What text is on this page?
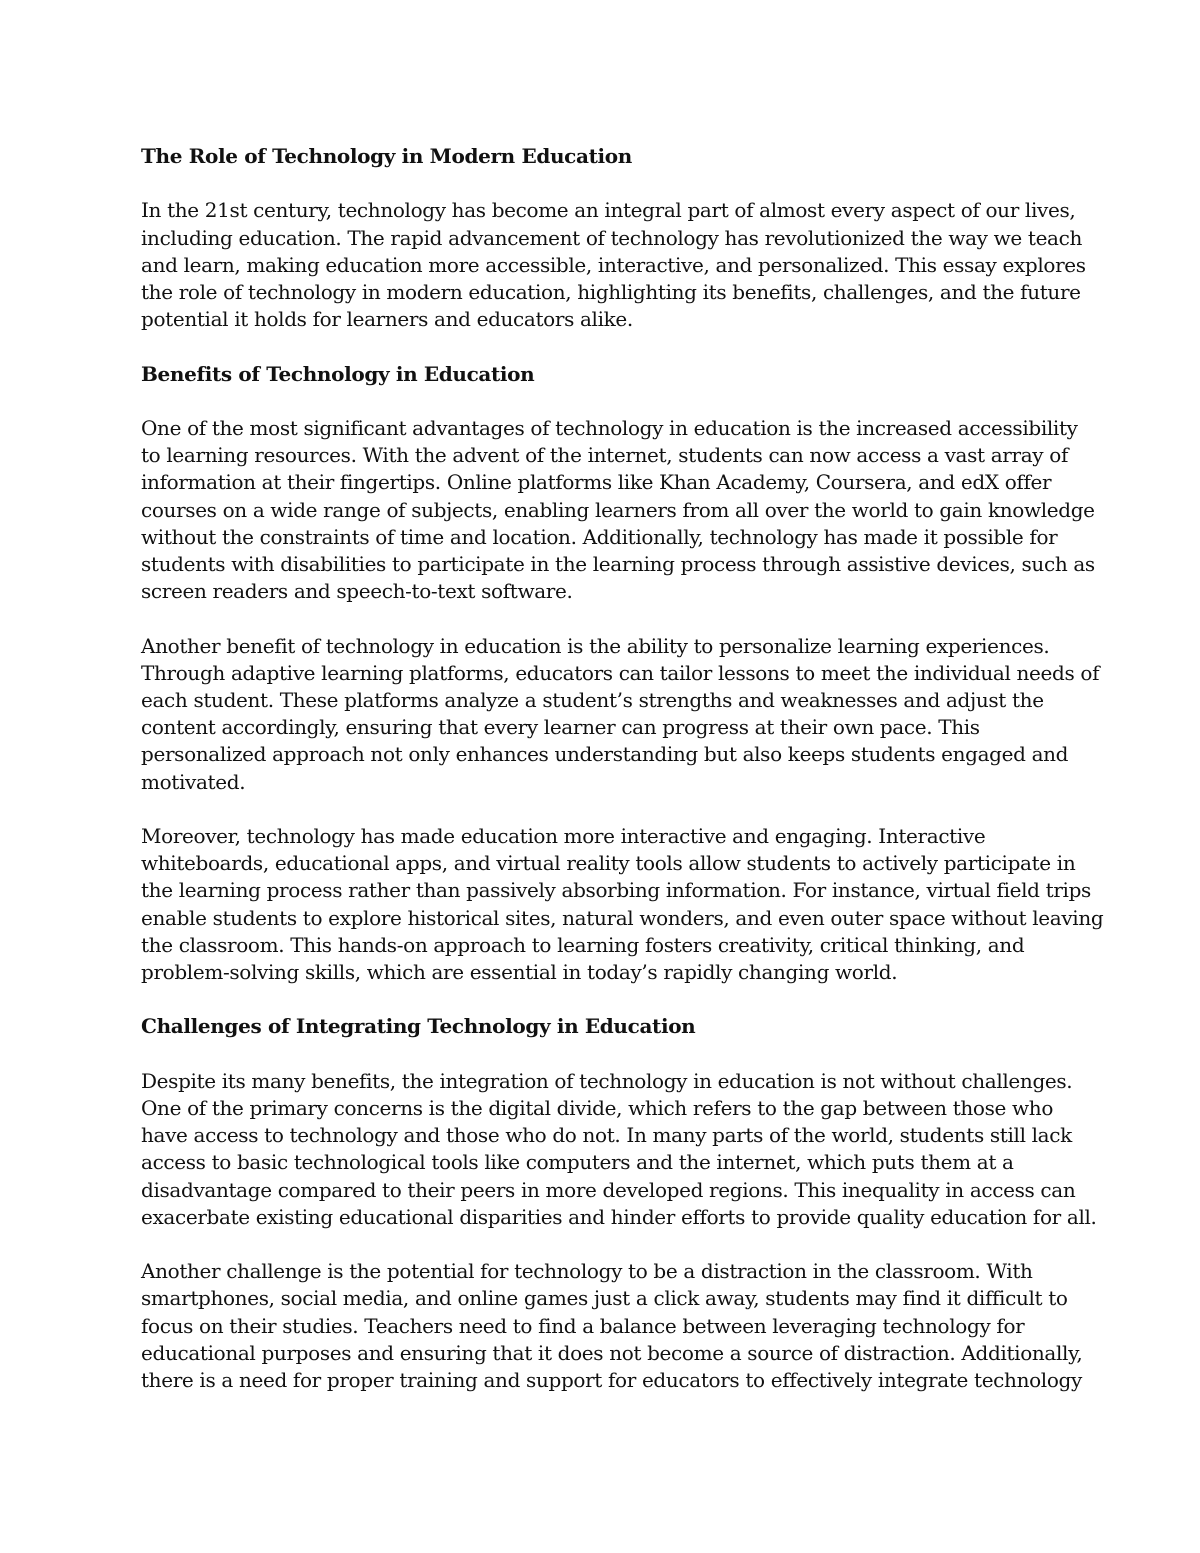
The Role of Technology in Modern Education
In the 21st century, technology has become an integral part of almost every aspect of our lives,
including education. The rapid advancement of technology has revolutionized the way we teach
and learn, making education more accessible, interactive, and personalized. This essay explores
the role of technology in modern education, highlighting its benefits, challenges, and the future
potential it holds for learners and educators alike.
Benefits of Technology in Education
One of the most significant advantages of technology in education is the increased accessibility
to learning resources. With the advent of the internet, students can now access a vast array of
information at their fingertips. Online platforms like Khan Academy, Coursera, and edX offer
courses on a wide range of subjects, enabling learners from all over the world to gain knowledge
without the constraints of time and location. Additionally, technology has made it possible for
students with disabilities to participate in the learning process through assistive devices, such as
screen readers and speech-to-text software.
Another benefit of technology in education is the ability to personalize learning experiences.
Through adaptive learning platforms, educators can tailor lessons to meet the individual needs of
each student. These platforms analyze a student’s strengths and weaknesses and adjust the
content accordingly, ensuring that every learner can progress at their own pace. This
personalized approach not only enhances understanding but also keeps students engaged and
motivated.
Moreover, technology has made education more interactive and engaging. Interactive
whiteboards, educational apps, and virtual reality tools allow students to actively participate in
the learning process rather than passively absorbing information. For instance, virtual field trips
enable students to explore historical sites, natural wonders, and even outer space without leaving
the classroom. This hands-on approach to learning fosters creativity, critical thinking, and
problem-solving skills, which are essential in today’s rapidly changing world.
Challenges of Integrating Technology in Education
Despite its many benefits, the integration of technology in education is not without challenges.
One of the primary concerns is the digital divide, which refers to the gap between those who
have access to technology and those who do not. In many parts of the world, students still lack
access to basic technological tools like computers and the internet, which puts them at a
disadvantage compared to their peers in more developed regions. This inequality in access can
exacerbate existing educational disparities and hinder efforts to provide quality education for all.
Another challenge is the potential for technology to be a distraction in the classroom. With
smartphones, social media, and online games just a click away, students may find it difficult to
focus on their studies. Teachers need to find a balance between leveraging technology for
educational purposes and ensuring that it does not become a source of distraction. Additionally,
there is a need for proper training and support for educators to effectively integrate technology
